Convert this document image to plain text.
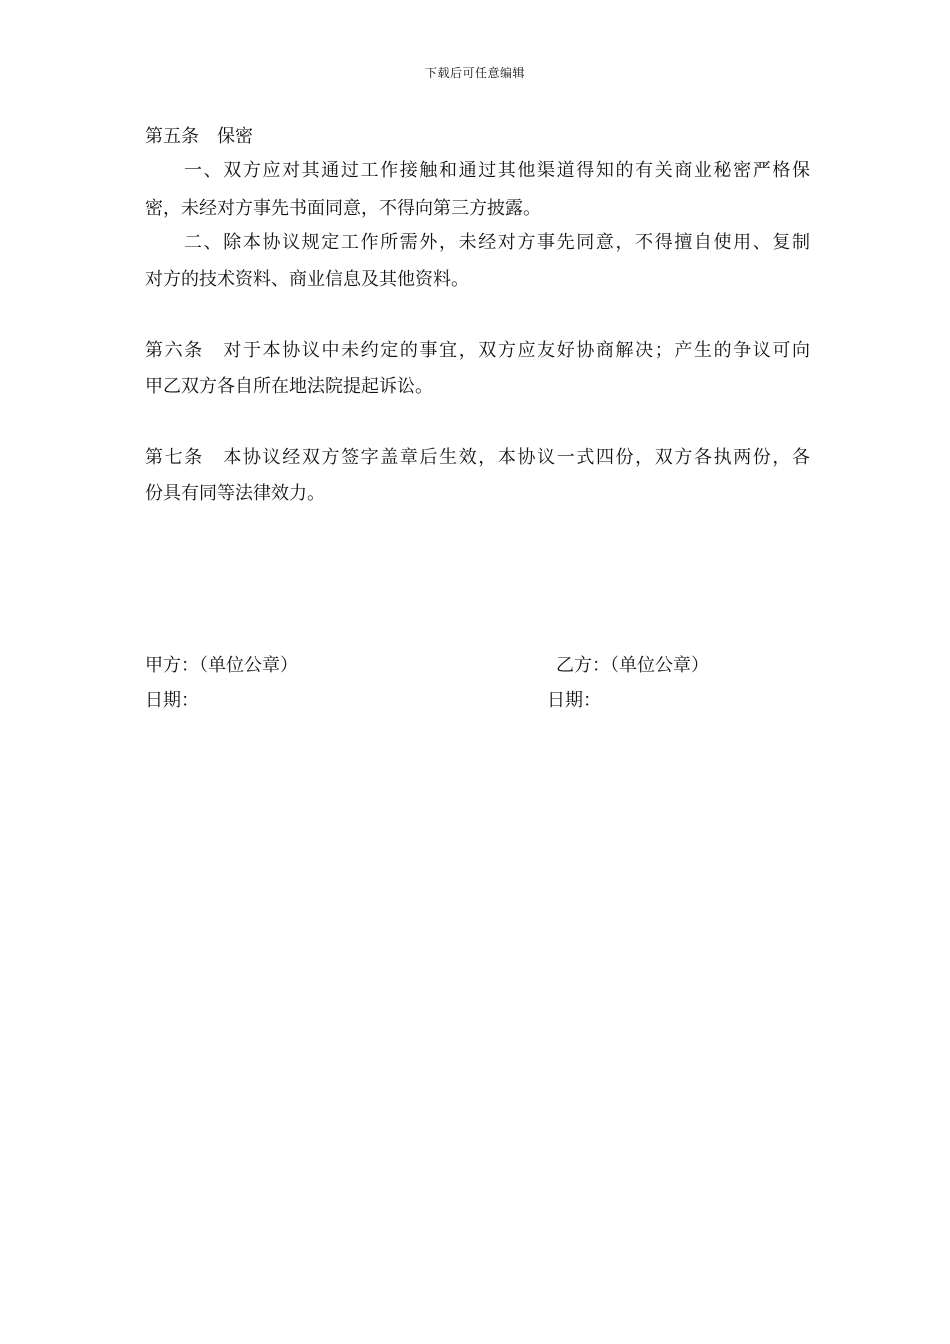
下载后可任意编辑
第五条 保密
一、双方应对其通过工作接触和通过其他渠道得知的有关商业秘密严格保
密，未经对方事先书面同意，不得向第三方披露。
二、除本协议规定工作所需外，未经对方事先同意，不得擅自使用、复制
对方的技术资料、商业信息及其他资料。
第六条 对于本协议中未约定的事宜，双方应友好协商解决；产生的争议可向
甲乙双方各自所在地法院提起诉讼。
第七条 本协议经双方签字盖章后生效，本协议一式四份，双方各执两份，各
份具有同等法律效力。
甲方：（单位公章）	乙方：（单位公章）
日期：	日期：
